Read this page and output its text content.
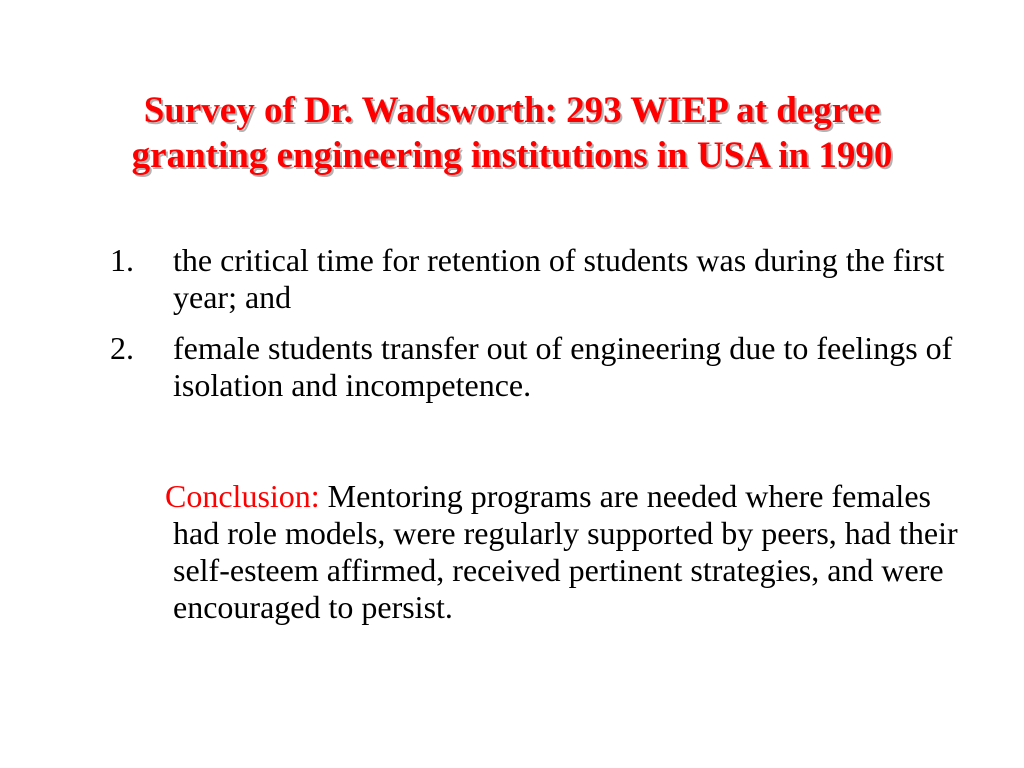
Survey of Dr. Wadsworth: 293 WIEP at degree
granting engineering institutions in USA in 1990
1. the critical time for retention of students was during the first year; and
2. female students transfer out of engineering due to feelings of isolation and incompetence.
Conclusion: Mentoring programs are needed where females had role models, were regularly supported by peers, had their self-esteem affirmed, received pertinent strategies, and were encouraged to persist.
